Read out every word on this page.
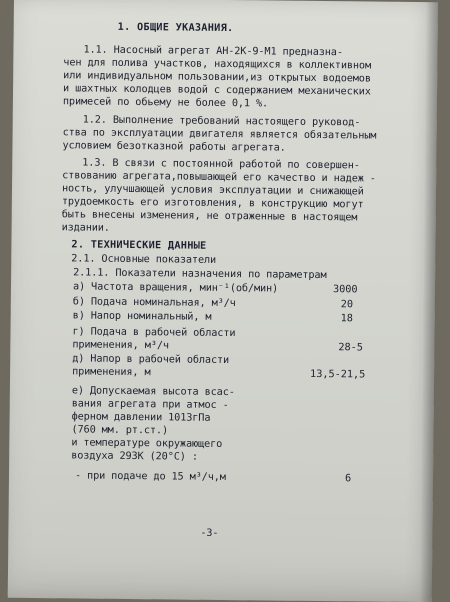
1. ОБЩИЕ УКАЗАНИЯ.
1.1. Насосный агрегат АН-2К-9-М1 предназна-
чен для полива участков, находящихся в коллективном
или индивидуальном пользовании,из открытых водоемов
и шахтных колодцев водой с содержанием механических
примесей по обьему не более 0,1 %.
1.2. Выполнение требований настоящего руковод-
ства по эксплуатации двигателя является обязательным
условием безотказной работы агрегата.
1.3. В связи с постоянной работой по совершен-
ствованию агрегата,повышающей его качество и надеж -
ность, улучшающей условия эксплуатации и снижающей
трудоемкость его изготовления, в конструкцию могут
быть внесены изменения, не отраженные в настоящем
издании.
2. ТЕХНИЧЕСКИЕ ДАННЫЕ
2.1. Основные показатели
2.1.1. Показатели назначения по параметрам
а) Частота вращения, мин⁻¹(об/мин)	3000
б) Подача номинальная, м³/ч	20
в) Напор номинальный, м	18
г) Подача в рабочей области
применения, м³/ч	28-5
д) Напор в рабочей области
применения, м	13,5-21,5
е) Допускаемая высота всас-
вания агрегата при атмос -
ферном давлении 1013гПа
(760 мм. рт.ст.)
и температуре окружающего
воздуха 293К (20°С) :
- при подаче до 15 м³/ч,м	6
-3-
